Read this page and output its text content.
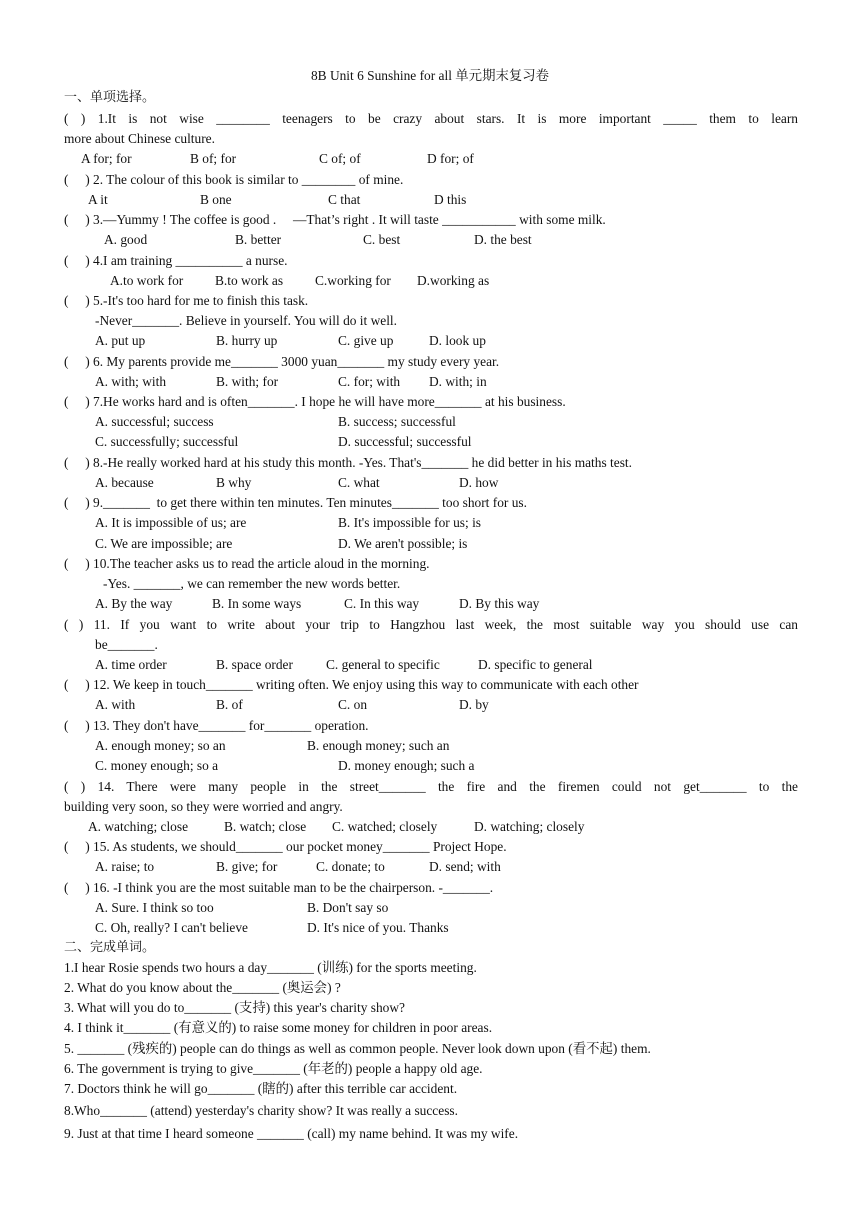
8B Unit 6 Sunshine for all 单元期末复习卷
一、单项选择。
( ) 1.It is not wise ________ teenagers to be crazy about stars. It is more important _____ them to learn
more about Chinese culture.
A for; for	B of; for	C of; of	D for; of
(     ) 2. The colour of this book is similar to ________ of mine.
A it	B one	C that	D this
(     ) 3.—Yummy ! The coffee is good .     —That’s right . It will taste ___________ with some milk.
A. good	B. better	C. best	D. the best
(     ) 4.I am training __________ a nurse.
A.to work for B.to work as C.working for D.working as
(     ) 5.-It's too hard for me to finish this task.
-Never_______. Believe in yourself. You will do it well.
A. put up	B. hurry up	C. give up	D. look up
(     ) 6. My parents provide me_______ 3000 yuan_______ my study every year.
A. with; with	B. with; for	C. for; with D. with; in
(     ) 7.He works hard and is often_______. I hope he will have more_______ at his business.
A. successful; success	B. success; successful
C. successfully; successful	D. successful; successful
(     ) 8.-He really worked hard at his study this month. -Yes. That's_______ he did better in his maths test.
A. because	B why	C. what	D. how
(     ) 9._______  to get there within ten minutes. Ten minutes_______ too short for us.
A. It is impossible of us; are	B. It's impossible for us; is
C. We are impossible; are	D. We aren't possible; is
(     ) 10.The teacher asks us to read the article aloud in the morning.
-Yes. _______, we can remember the new words better.
A. By the way	B. In some ways	C. In this way	D. By this way
( ) 11. If you want to write about your trip to Hangzhou last week, the most suitable way you should use can
be_______.
A. time order	B. space order C. general to specific	D. specific to general
(     ) 12. We keep in touch_______ writing often. We enjoy using this way to communicate with each other
A. with	B. of	C. on	D. by
(     ) 13. They don't have_______ for_______ operation.
A. enough money; so an	B. enough money; such an
C. money enough; so a	D. money enough; such a
( ) 14. There were many people in the street_______ the fire and the firemen could not get_______ to the
building very soon, so they were worried and angry.
A. watching; close	B. watch; close C. watched; closely	D. watching; closely
(     ) 15. As students, we should_______ our pocket money_______ Project Hope.
A. raise; to	B. give; for	C. donate; to	D. send; with
(     ) 16. -I think you are the most suitable man to be the chairperson. -_______.
A. Sure. I think so too	B. Don't say so
C. Oh, really? I can't believe	D. It's nice of you. Thanks
二、完成单词。
1.I hear Rosie spends two hours a day_______ (训练) for the sports meeting.
2. What do you know about the_______ (奥运会) ?
3. What will you do to_______ (支持) this year's charity show?
4. I think it_______ (有意义的) to raise some money for children in poor areas.
5. _______ (残疾的) people can do things as well as common people. Never look down upon (看不起) them.
6. The government is trying to give_______ (年老的) people a happy old age.
7. Doctors think he will go_______ (瞎的) after this terrible car accident.
8.Who_______ (attend) yesterday's charity show? It was really a success.
9. Just at that time I heard someone _______ (call) my name behind. It was my wife.
